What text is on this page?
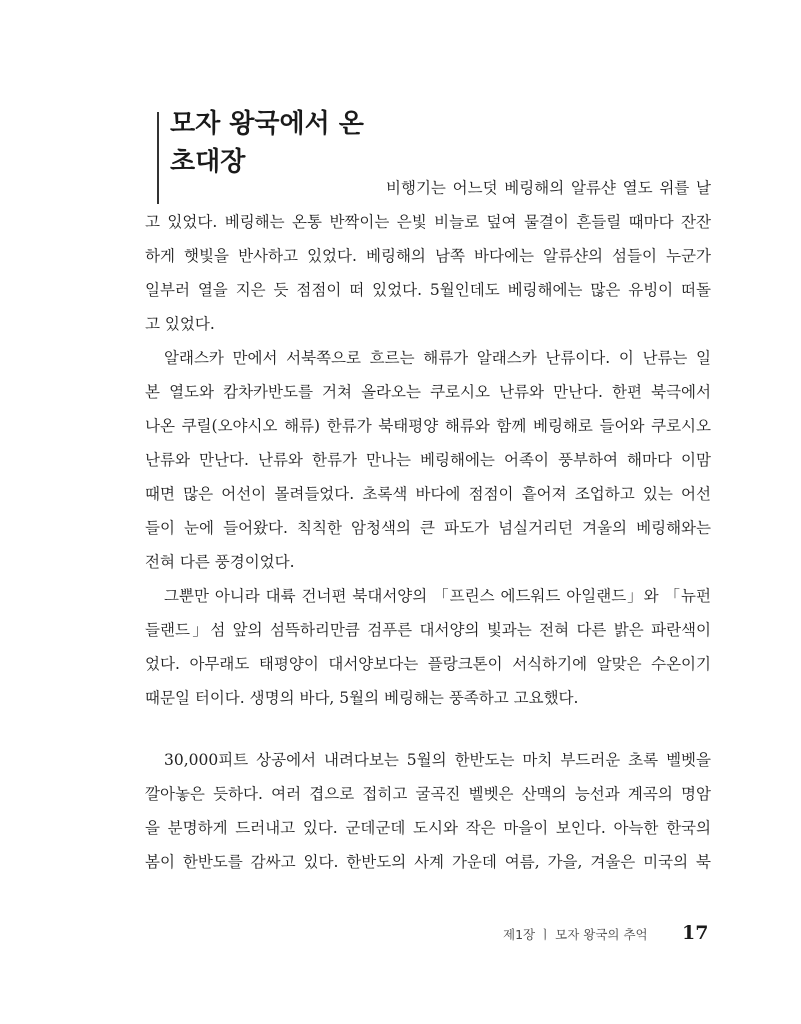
모자 왕국에서 온
초대장
비행기는 어느덧 베링해의 알류샨 열도 위를 날
고 있었다. 베링해는 온통 반짝이는 은빛 비늘로 덮여 물결이 흔들릴 때마다 잔잔
하게 햇빛을 반사하고 있었다. 베링해의 남쪽 바다에는 알류샨의 섬들이 누군가
일부러 열을 지은 듯 점점이 떠 있었다. 5월인데도 베링해에는 많은 유빙이 떠돌
고 있었다.
알래스카 만에서 서북쪽으로 흐르는 해류가 알래스카 난류이다. 이 난류는 일
본 열도와 캄차카반도를 거쳐 올라오는 쿠로시오 난류와 만난다. 한편 북극에서
나온 쿠릴(오야시오 해류) 한류가 북태평양 해류와 함께 베링해로 들어와 쿠로시오
난류와 만난다. 난류와 한류가 만나는 베링해에는 어족이 풍부하여 해마다 이맘
때면 많은 어선이 몰려들었다. 초록색 바다에 점점이 흩어져 조업하고 있는 어선
들이 눈에 들어왔다. 칙칙한 암청색의 큰 파도가 넘실거리던 겨울의 베링해와는
전혀 다른 풍경이었다.
그뿐만 아니라 대륙 건너편 북대서양의 「프린스 에드워드 아일랜드」와 「뉴펀
들랜드」섬 앞의 섬뜩하리만큼 검푸른 대서양의 빛과는 전혀 다른 밝은 파란색이
었다. 아무래도 태평양이 대서양보다는 플랑크톤이 서식하기에 알맞은 수온이기
때문일 터이다. 생명의 바다, 5월의 베링해는 풍족하고 고요했다.
30,000피트 상공에서 내려다보는 5월의 한반도는 마치 부드러운 초록 벨벳을
깔아놓은 듯하다. 여러 겹으로 접히고 굴곡진 벨벳은 산맥의 능선과 계곡의 명암
을 분명하게 드러내고 있다. 군데군데 도시와 작은 마을이 보인다. 아늑한 한국의
봄이 한반도를 감싸고 있다. 한반도의 사계 가운데 여름, 가을, 겨울은 미국의 북
제1장 ㅣ 모자 왕국의 추억 17
